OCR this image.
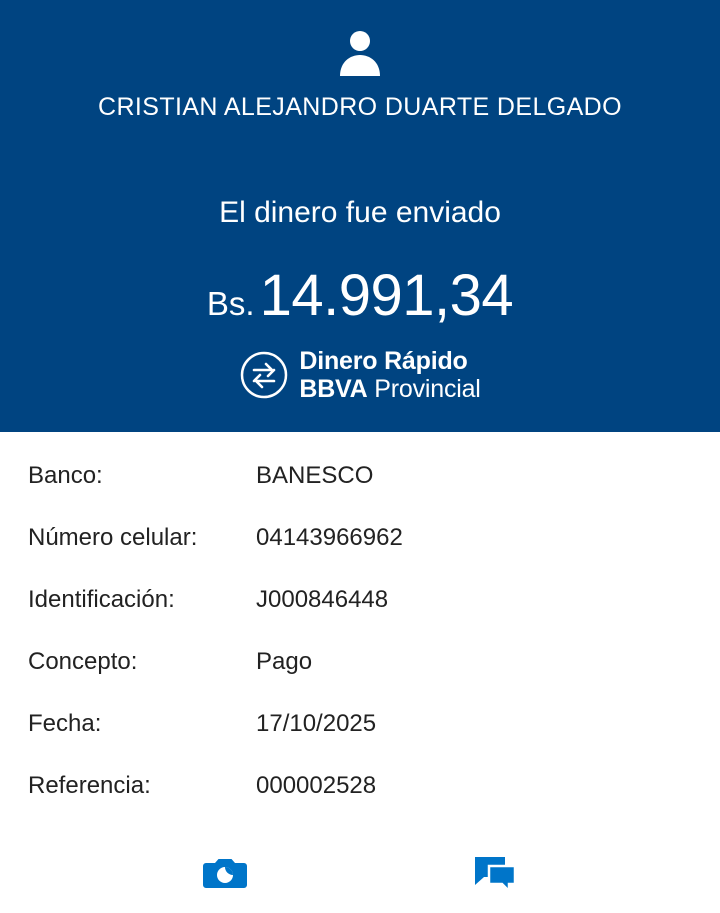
CRISTIAN ALEJANDRO DUARTE DELGADO
El dinero fue enviado
Bs. 14.991,34
Dinero Rápido
BBVA Provincial
Banco:	BANESCO
Número celular:	04143966962
Identificación:	J000846448
Concepto:	Pago
Fecha:	17/10/2025
Referencia:	000002528
